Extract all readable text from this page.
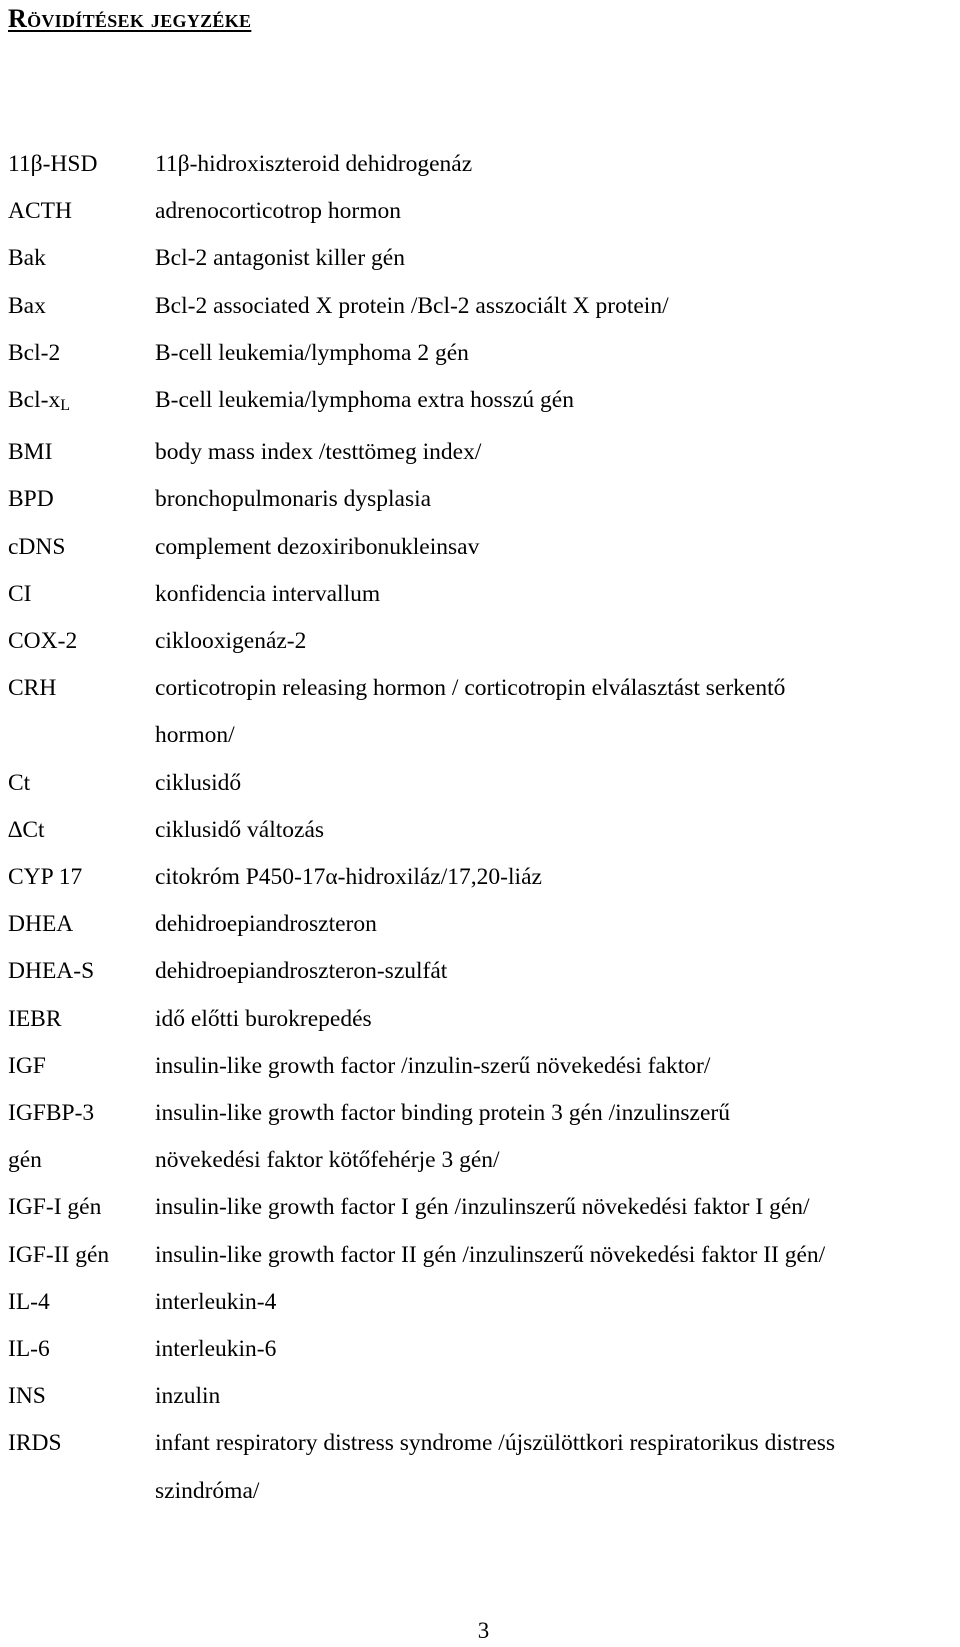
Rövidítések jegyzéke
11β-HSD	11β-hidroxiszteroid dehidrogenáz
ACTH	adrenocorticotrop hormon
Bak	Bcl-2 antagonist killer gén
Bax	Bcl-2 associated X protein /Bcl-2 asszociált X protein/
Bcl-2	B-cell leukemia/lymphoma 2 gén
Bcl-xL	B-cell leukemia/lymphoma extra hosszú gén
BMI	body mass index /testtömeg index/
BPD	bronchopulmonaris dysplasia
cDNS	complement dezoxiribonukleinsav
CI	konfidencia intervallum
COX-2	ciklooxigenáz-2
CRH	corticotropin releasing hormon / corticotropin elválasztást serkentő
hormon/
Ct	ciklusidő
∆Ct	ciklusidő változás
CYP 17	citokróm P450-17α-hidroxiláz/17,20-liáz
DHEA	dehidroepiandroszteron
DHEA-S	dehidroepiandroszteron-szulfát
IEBR	idő előtti burokrepedés
IGF	insulin-like growth factor /inzulin-szerű növekedési faktor/
IGFBP-3	insulin-like growth factor binding protein 3 gén /inzulinszerű
gén	növekedési faktor kötőfehérje 3 gén/
IGF-I gén	insulin-like growth factor I gén /inzulinszerű növekedési faktor I gén/
IGF-II gén	insulin-like growth factor II gén /inzulinszerű növekedési faktor II gén/
IL-4	interleukin-4
IL-6	interleukin-6
INS	inzulin
IRDS	infant respiratory distress syndrome /újszülöttkori respiratorikus distress
szindróma/
3
